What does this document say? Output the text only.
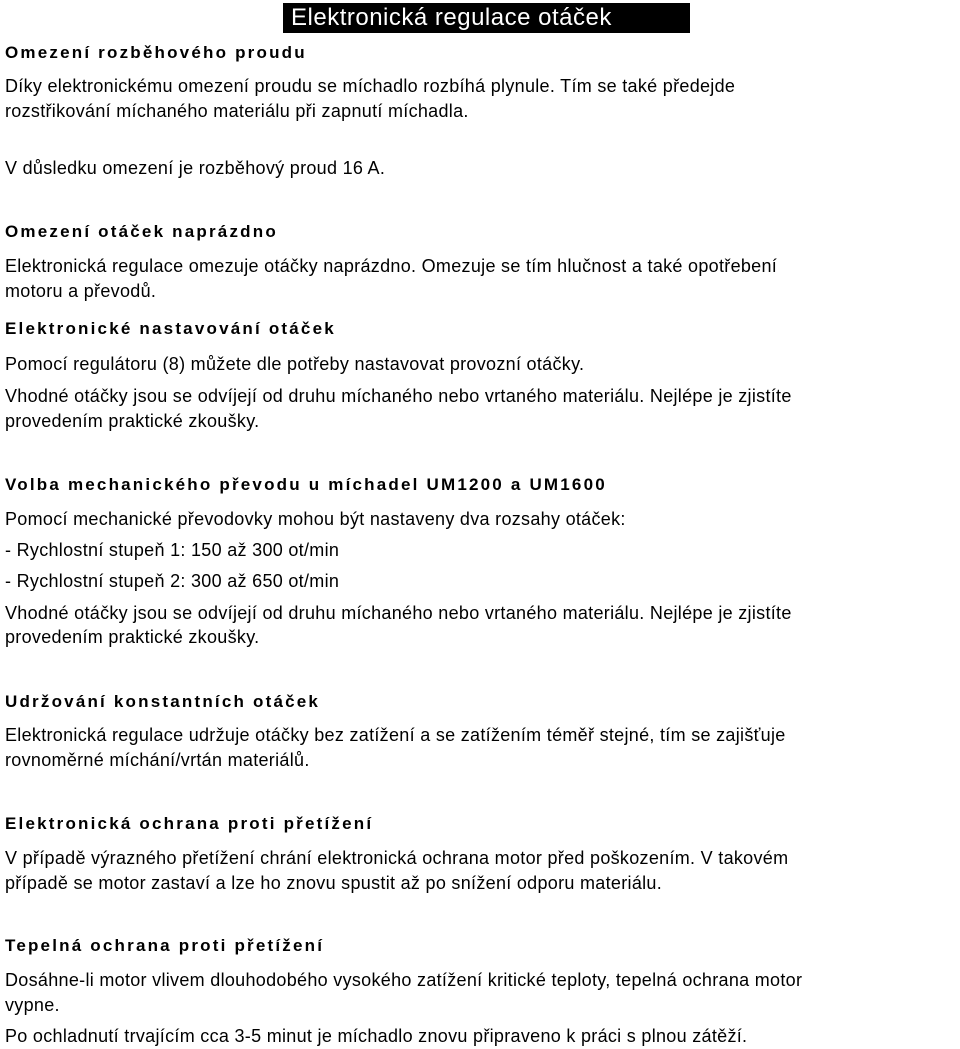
Elektronická regulace otáček
Omezení rozběhového proudu
Díky elektronickému omezení proudu se míchadlo rozbíhá plynule. Tím se také předejde
rozstřikování míchaného materiálu při zapnutí míchadla.
V důsledku omezení je rozběhový proud 16 A.
Omezení otáček naprázdno
Elektronická regulace omezuje otáčky naprázdno. Omezuje se tím hlučnost a také opotřebení
motoru a převodů.
Elektronické nastavování otáček
Pomocí regulátoru (8) můžete dle potřeby nastavovat provozní otáčky.
Vhodné otáčky jsou se odvíjejí od druhu míchaného nebo vrtaného materiálu. Nejlépe je zjistíte
provedením praktické zkoušky.
Volba mechanického převodu u míchadel UM1200 a UM1600
Pomocí mechanické převodovky mohou být nastaveny dva rozsahy otáček:
- Rychlostní stupeň 1: 150 až 300 ot/min
- Rychlostní stupeň 2: 300 až 650 ot/min
Vhodné otáčky jsou se odvíjejí od druhu míchaného nebo vrtaného materiálu. Nejlépe je zjistíte
provedením praktické zkoušky.
Udržování konstantních otáček
Elektronická regulace udržuje otáčky bez zatížení a se zatížením téměř stejné, tím se zajišťuje
rovnoměrné míchání/vrtán materiálů.
Elektronická ochrana proti přetížení
V případě výrazného přetížení chrání elektronická ochrana motor před poškozením. V takovém
případě se motor zastaví a lze ho znovu spustit až po snížení odporu materiálu.
Tepelná ochrana proti přetížení
Dosáhne-li motor vlivem dlouhodobého vysokého zatížení kritické teploty, tepelná ochrana motor
vypne.
Po ochladnutí trvajícím cca 3-5 minut je míchadlo znovu připraveno k práci s plnou zátěží.
